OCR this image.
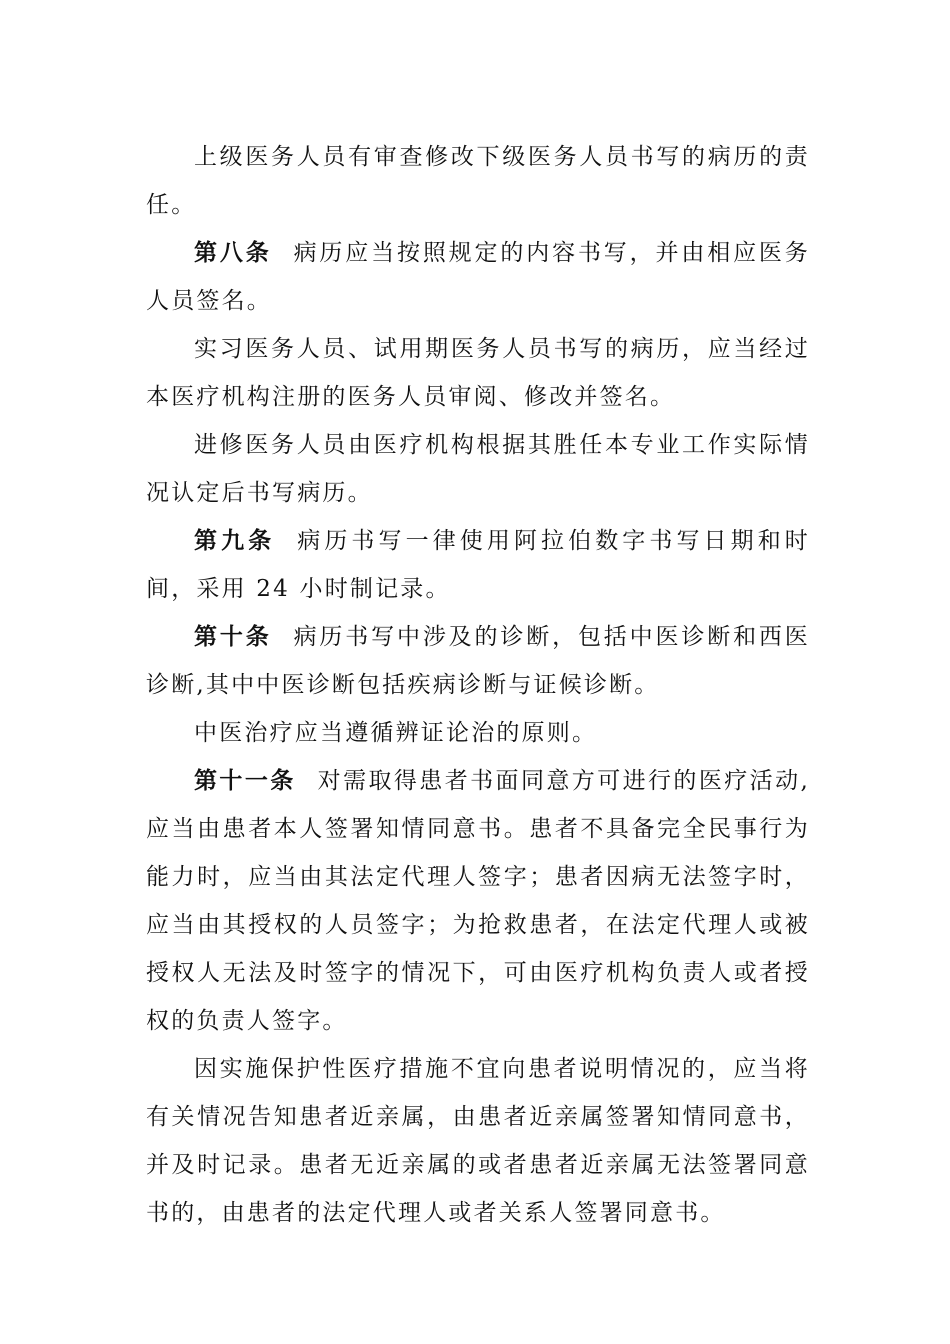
上级医务人员有审查修改下级医务人员书写的病历的责任。

第八条 病历应当按照规定的内容书写，并由相应医务人员签名。

实习医务人员、试用期医务人员书写的病历，应当经过本医疗机构注册的医务人员审阅、修改并签名。

进修医务人员由医疗机构根据其胜任本专业工作实际情况认定后书写病历。

第九条 病历书写一律使用阿拉伯数字书写日期和时间，采用 24 小时制记录。

第十条 病历书写中涉及的诊断，包括中医诊断和西医诊断,其中中医诊断包括疾病诊断与证候诊断。

中医治疗应当遵循辨证论治的原则。

第十一条 对需取得患者书面同意方可进行的医疗活动,应当由患者本人签署知情同意书。患者不具备完全民事行为能力时，应当由其法定代理人签字；患者因病无法签字时，应当由其授权的人员签字；为抢救患者，在法定代理人或被授权人无法及时签字的情况下，可由医疗机构负责人或者授权的负责人签字。

因实施保护性医疗措施不宜向患者说明情况的，应当将有关情况告知患者近亲属，由患者近亲属签署知情同意书，并及时记录。患者无近亲属的或者患者近亲属无法签署同意书的，由患者的法定代理人或者关系人签署同意书。
